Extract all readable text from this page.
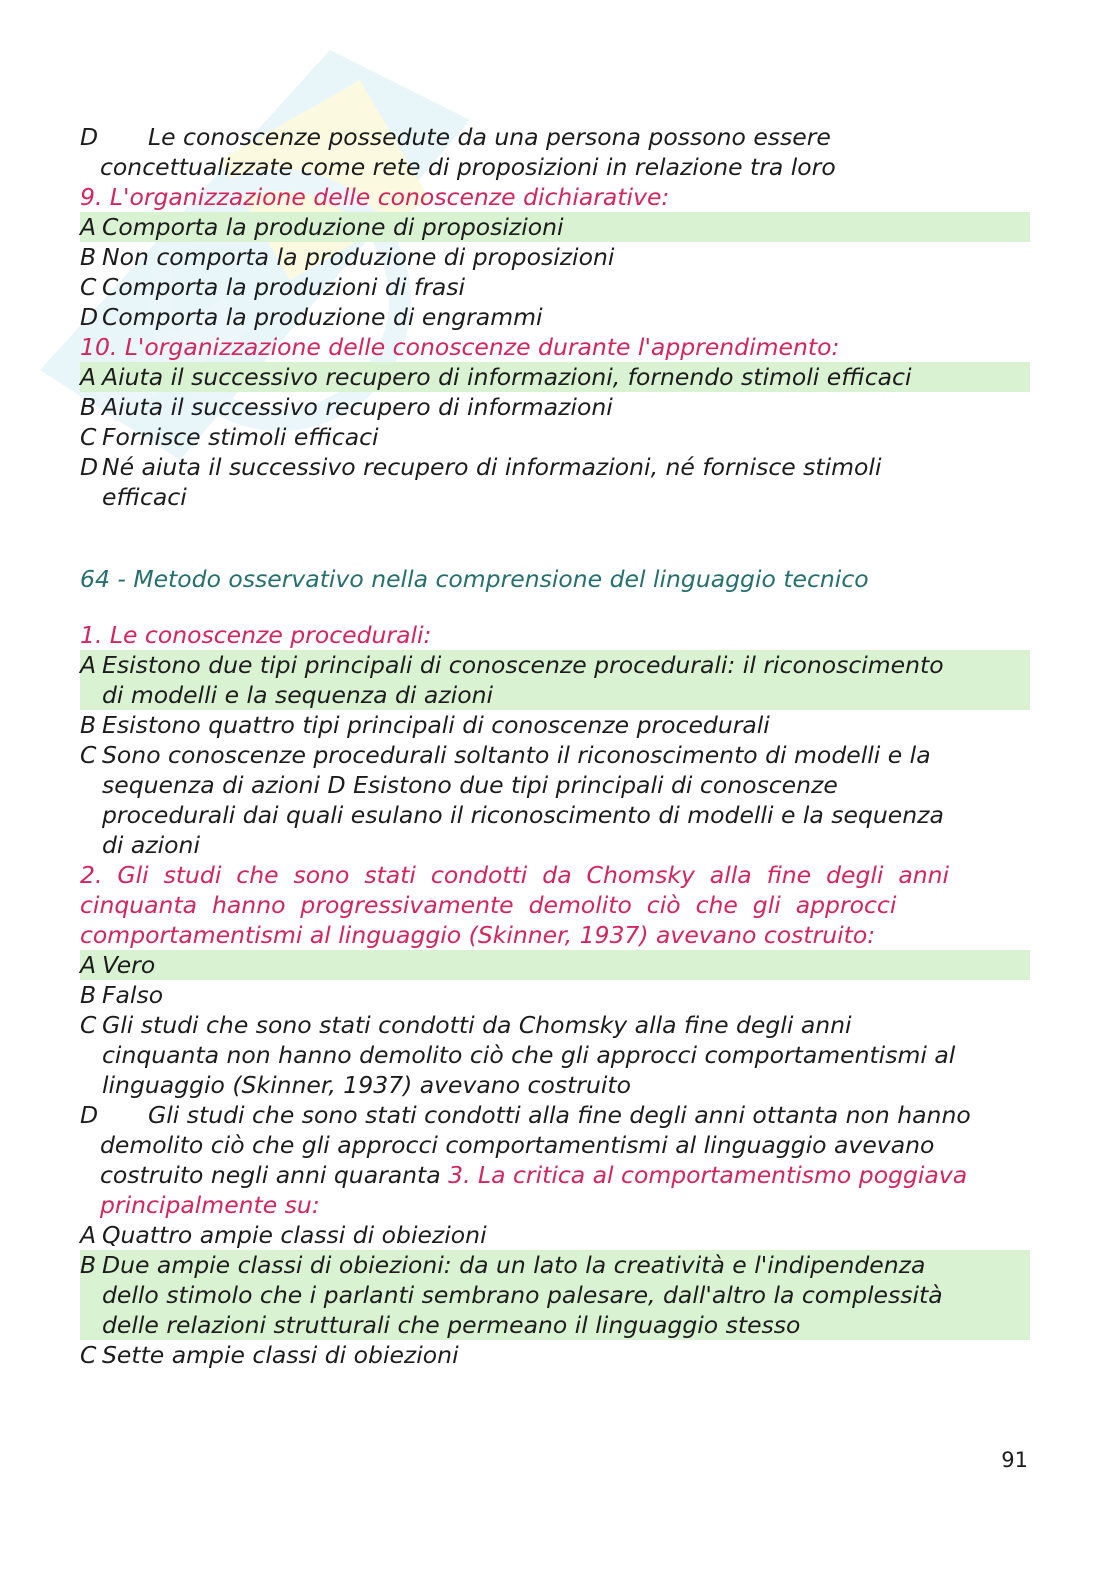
D	Le conoscenze possedute da una persona possono essere
concettualizzate come rete di proposizioni in relazione tra loro
9. L'organizzazione delle conoscenze dichiarative:
A Comporta la produzione di proposizioni
B Non comporta la produzione di proposizioni
C Comporta la produzioni di frasi
D Comporta la produzione di engrammi
10. L'organizzazione delle conoscenze durante l'apprendimento:
A Aiuta il successivo recupero di informazioni, fornendo stimoli efficaci
B Aiuta il successivo recupero di informazioni
C Fornisce stimoli efficaci
D Né aiuta il successivo recupero di informazioni, né fornisce stimoli
efficaci
64 - Metodo osservativo nella comprensione del linguaggio tecnico
1. Le conoscenze procedurali:
A Esistono due tipi principali di conoscenze procedurali: il riconoscimento
di modelli e la sequenza di azioni
B Esistono quattro tipi principali di conoscenze procedurali
C Sono conoscenze procedurali soltanto il riconoscimento di modelli e la
sequenza di azioni D Esistono due tipi principali di conoscenze
procedurali dai quali esulano il riconoscimento di modelli e la sequenza
di azioni
2.  Gli  studi  che  sono  stati  condotti  da  Chomsky  alla  fine  degli  anni
cinquanta  hanno  progressivamente  demolito  ciò  che  gli  approcci
comportamentismi al linguaggio (Skinner, 1937) avevano costruito:
A Vero
B Falso
C Gli studi che sono stati condotti da Chomsky alla fine degli anni
cinquanta non hanno demolito ciò che gli approcci comportamentismi al
linguaggio (Skinner, 1937) avevano costruito
D	Gli studi che sono stati condotti alla fine degli anni ottanta non hanno
demolito ciò che gli approcci comportamentismi al linguaggio avevano
costruito negli anni quaranta 3. La critica al comportamentismo poggiava
principalmente su:
A Quattro ampie classi di obiezioni
B Due ampie classi di obiezioni: da un lato la creatività e l'indipendenza
dello stimolo che i parlanti sembrano palesare, dall'altro la complessità
delle relazioni strutturali che permeano il linguaggio stesso
C Sette ampie classi di obiezioni
91
